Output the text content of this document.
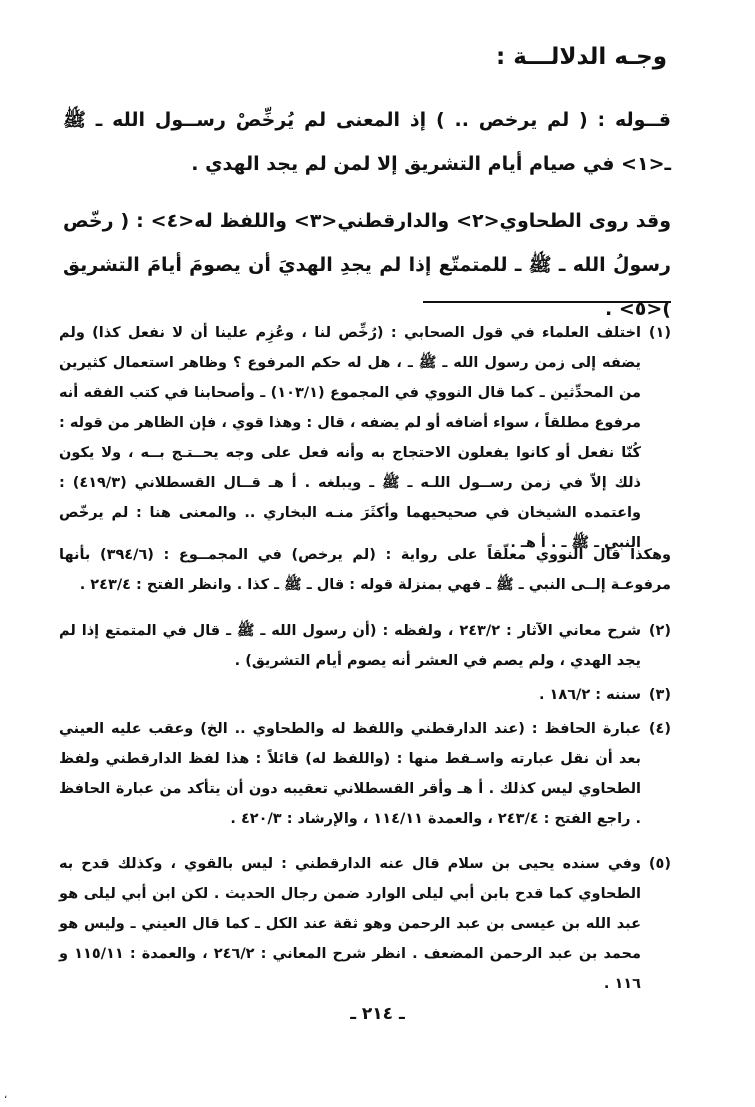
وجـه الدلالـــة :

قــوله : ( لم يرخص .. ) إذ المعنى لم يُرخِّصْ رســول الله ـ ﷺ ـ<١> في صيام أيام التشريق إلا لمن لم يجد الهدي .

وقد روى الطحاوي<٢> والدارقطني<٣> واللفظ له<٤> : ( رخّص رسولُ الله ـ ﷺ ـ للمتمتّع إذا لم يجدِ الهديَ أن يصومَ أيامَ التشريق )<٥> .

(١)
اختلف العلماء في قول الصحابي : (رُخِّص لنا ، وعُزِم علينا أن لا نفعل كذا) ولم يضفه إلى زمن رسول الله ـ ﷺ ـ ، هل له حكم المرفوع ؟ وظاهر استعمال كثيرين من المحدِّثين ـ كما قال النووي في المجموع (١٠٣/١) ـ وأصحابنا في كتب الفقه أنه مرفوع مطلقاً ، سواء أضافه أو لم يضفه ، قال : وهذا قوي ، فإن الظاهر من قوله : كُنّا نفعل أو كانوا يفعلون الاحتجاج به وأنه فعل على وجه يحــتـج بــه ، ولا يكون ذلك إلاّ في زمن رســول اللـه ـ ﷺ ـ ويبلغه . أ هـ قــال القسطلاني (٤١٩/٣) : واعتمده الشيخان في صحيحيهما وأكثَرَ منـه البخاري .. والمعنى هنا : لم يرخّص النبي ـ ﷺ ـ . أ هـ .
وهكذا قال النووي معلّقاً على رواية : (لم يرخص) في المجمــوع : (٣٩٤/٦) بأنها مرفوعـة إلــى النبي ـ ﷺ ـ فهي بمنزلة قوله : قال ـ ﷺ ـ كذا . وانظر الفتح : ٢٤٣/٤ .
(٢)
شرح معاني الآثار : ٢٤٣/٢ ، ولفظه : (أن رسول الله ـ ﷺ ـ قال في المتمتع إذا لم يجد الهدي ، ولم يصم في العشر أنه يصوم أيام التشريق) .
(٣)
سننه : ١٨٦/٢ .
(٤)
عبارة الحافظ : (عند الدارقطني واللفظ له والطحاوي .. الخ) وعقب عليه العيني بعد أن نقل عبارته واسـقط منها : (واللفظ له) قائلاً : هذا لفظ الدارقطني ولفظ الطحاوي ليس كذلك . أ هـ وأقر القسطلاني تعقيبه دون أن يتأكد من عبارة الحافظ . راجع الفتح : ٢٤٣/٤ ، والعمدة ١١٤/١١ ، والإرشاد : ٤٢٠/٣ .
(٥)
وفي سنده يحيى بن سلام قال عنه الدارقطني : ليس بالقوي ، وكذلك قدح به الطحاوي كما قدح بابن أبي ليلى الوارد ضمن رجال الحديث . لكن ابن أبي ليلى هو عبد الله بن عيسى بن عبد الرحمن وهو ثقة عند الكل ـ كما قال العيني ـ وليس هو محمد بن عبد الرحمن المضعف . انظر شرح المعاني : ٢٤٦/٢ ، والعمدة : ١١٥/١١ و ١١٦ .
ـ ٢١٤ ـ
،
